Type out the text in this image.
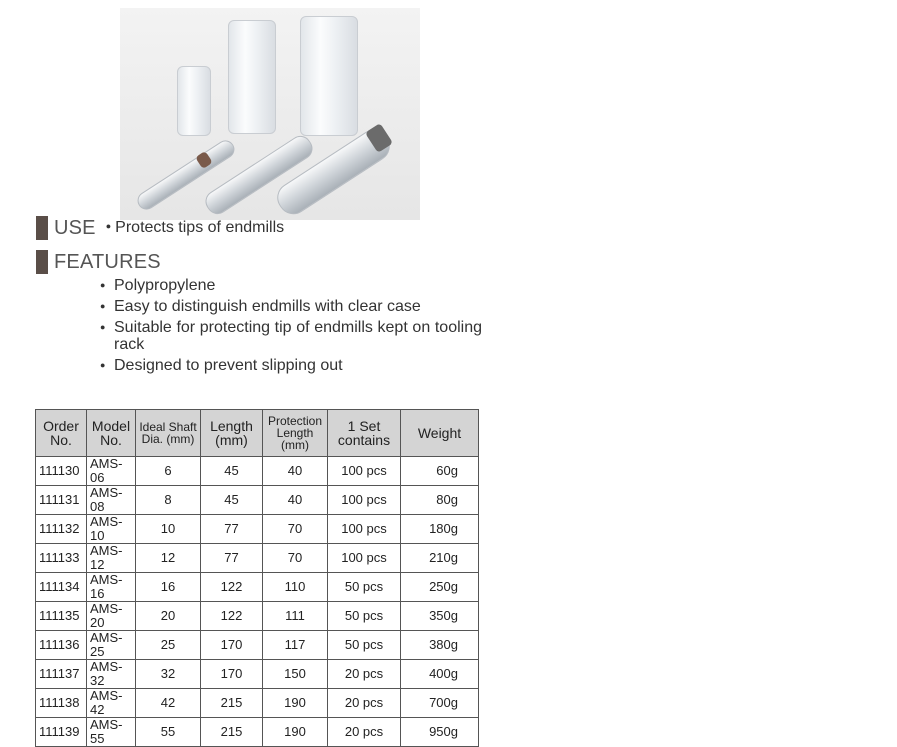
USE	● Protects tips of endmills
FEATURES
● Polypropylene
● Easy to distinguish endmills with clear case
● Suitable for protecting tip of endmills kept on tooling rack
● Designed to prevent slipping out
Order No.	Model No.	Ideal Shaft Dia. (mm)	Length (mm)	Protection Length (mm)	1 Set contains	Weight
111130	AMS-06	6	45	40	100 pcs	60g
111131	AMS-08	8	45	40	100 pcs	80g
111132	AMS-10	10	77	70	100 pcs	180g
111133	AMS-12	12	77	70	100 pcs	210g
111134	AMS-16	16	122	110	50 pcs	250g
111135	AMS-20	20	122	111	50 pcs	350g
111136	AMS-25	25	170	117	50 pcs	380g
111137	AMS-32	32	170	150	20 pcs	400g
111138	AMS-42	42	215	190	20 pcs	700g
111139	AMS-55	55	215	190	20 pcs	950g
